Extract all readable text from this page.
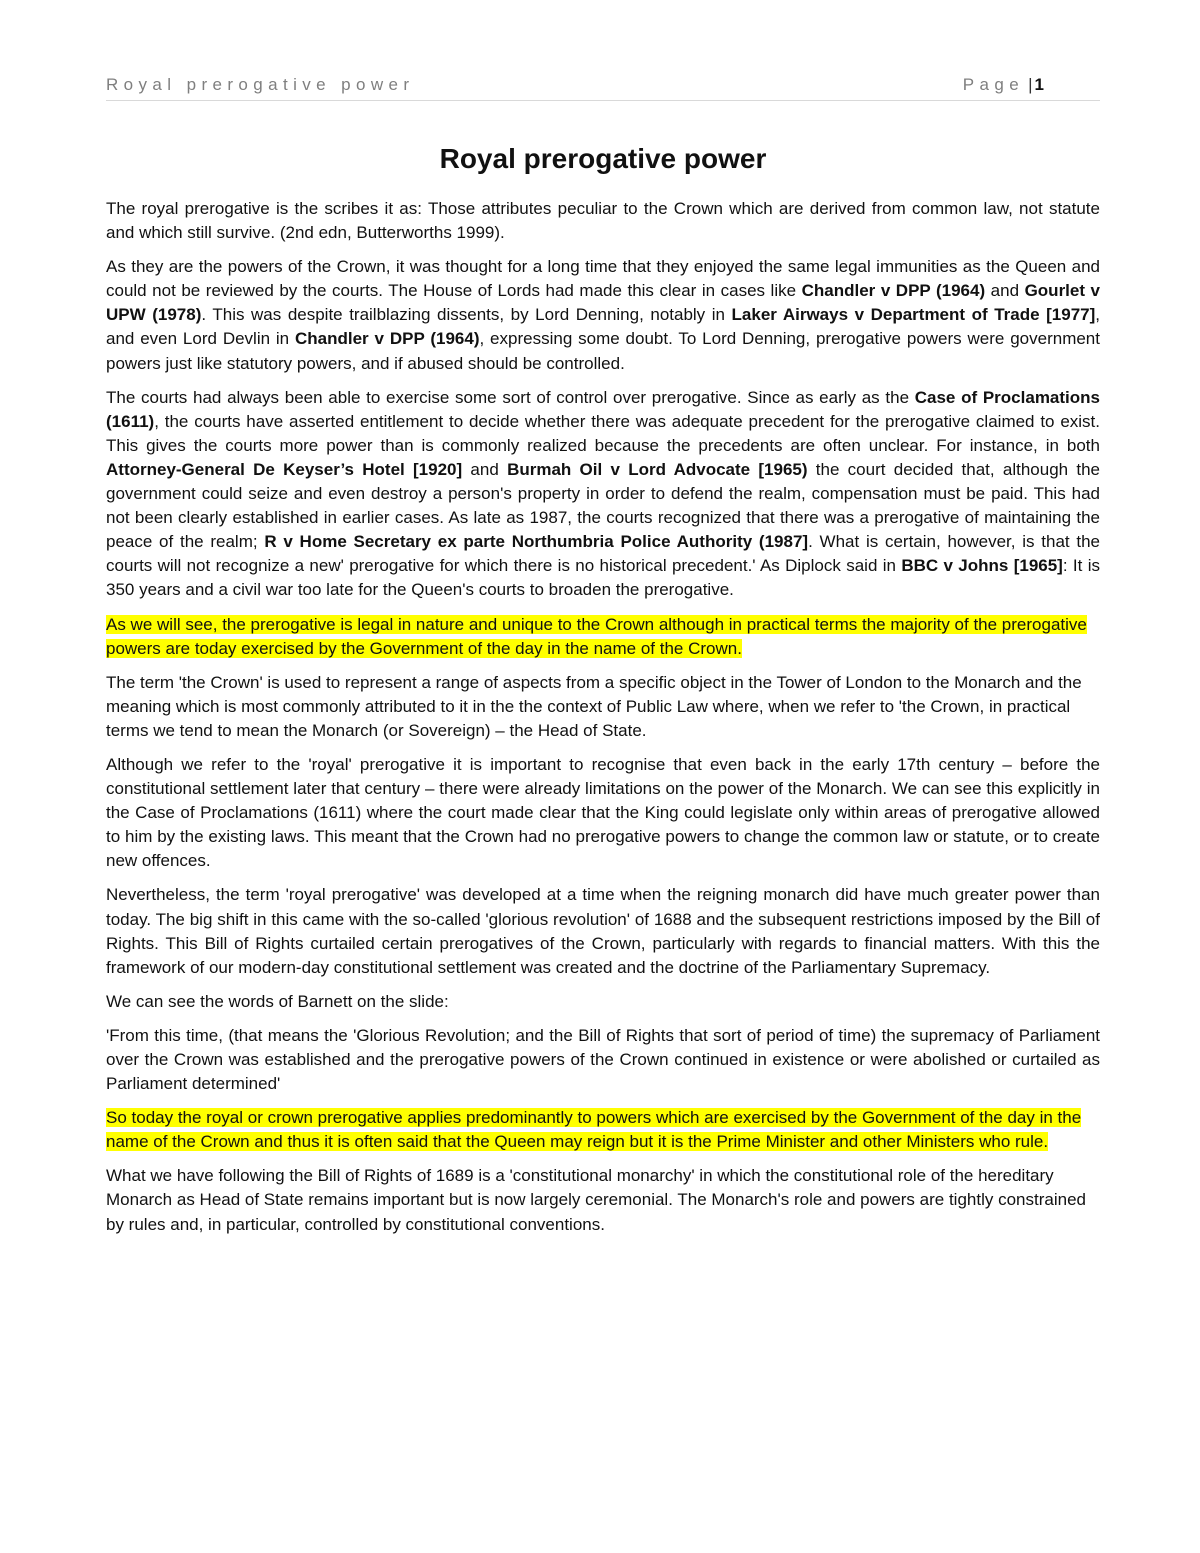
Royal prerogative power	Page | 1
Royal prerogative power

The royal prerogative is the scribes it as: Those attributes peculiar to the Crown which are derived from common law, not statute and which still survive. (2nd edn, Butterworths 1999).

As they are the powers of the Crown, it was thought for a long time that they enjoyed the same legal immunities as the Queen and could not be reviewed by the courts. The House of Lords had made this clear in cases like Chandler v DPP (1964) and Gourlet v UPW (1978). This was despite trailblazing dissents, by Lord Denning, notably in Laker Airways v Department of Trade [1977], and even Lord Devlin in Chandler v DPP (1964), expressing some doubt. To Lord Denning, prerogative powers were government powers just like statutory powers, and if abused should be controlled.

The courts had always been able to exercise some sort of control over prerogative. Since as early as the Case of Proclamations (1611), the courts have asserted entitlement to decide whether there was adequate precedent for the prerogative claimed to exist. This gives the courts more power than is commonly realized because the precedents are often unclear. For instance, in both Attorney-General De Keyser’s Hotel [1920] and Burmah Oil v Lord Advocate [1965) the court decided that, although the government could seize and even destroy a person's property in order to defend the realm, compensation must be paid. This had not been clearly established in earlier cases. As late as 1987, the courts recognized that there was a prerogative of maintaining the peace of the realm; R v Home Secretary ex parte Northumbria Police Authority (1987]. What is certain, however, is that the courts will not recognize a new' prerogative for which there is no historical precedent.' As Diplock said in BBC v Johns [1965]: It is 350 years and a civil war too late for the Queen's courts to broaden the prerogative.

As we will see, the prerogative is legal in nature and unique to the Crown although in practical terms the majority of the prerogative powers are today exercised by the Government of the day in the name of the Crown.

The term 'the Crown' is used to represent a range of aspects from a specific object in the Tower of London to the Monarch and the meaning which is most commonly attributed to it in the the context of Public Law where, when we refer to 'the Crown, in practical terms we tend to mean the Monarch (or Sovereign) – the Head of State.

Although we refer to the 'royal' prerogative it is important to recognise that even back in the early 17th century – before the constitutional settlement later that century – there were already limitations on the power of the Monarch. We can see this explicitly in the Case of Proclamations (1611) where the court made clear that the King could legislate only within areas of prerogative allowed to him by the existing laws. This meant that the Crown had no prerogative powers to change the common law or statute, or to create new offences.

Nevertheless, the term 'royal prerogative' was developed at a time when the reigning monarch did have much greater power than today. The big shift in this came with the so-called 'glorious revolution' of 1688 and the subsequent restrictions imposed by the Bill of Rights. This Bill of Rights curtailed certain prerogatives of the Crown, particularly with regards to financial matters. With this the framework of our modern-day constitutional settlement was created and the doctrine of the Parliamentary Supremacy.

We can see the words of Barnett on the slide:

'From this time, (that means the 'Glorious Revolution; and the Bill of Rights that sort of period of time) the supremacy of Parliament over the Crown was established and the prerogative powers of the Crown continued in existence or were abolished or curtailed as Parliament determined'

So today the royal or crown prerogative applies predominantly to powers which are exercised by the Government of the day in the name of the Crown and thus it is often said that the Queen may reign but it is the Prime Minister and other Ministers who rule.

What we have following the Bill of Rights of 1689 is a 'constitutional monarchy' in which the constitutional role of the hereditary Monarch as Head of State remains important but is now largely ceremonial. The Monarch's role and powers are tightly constrained by rules and, in particular, controlled by constitutional conventions.
